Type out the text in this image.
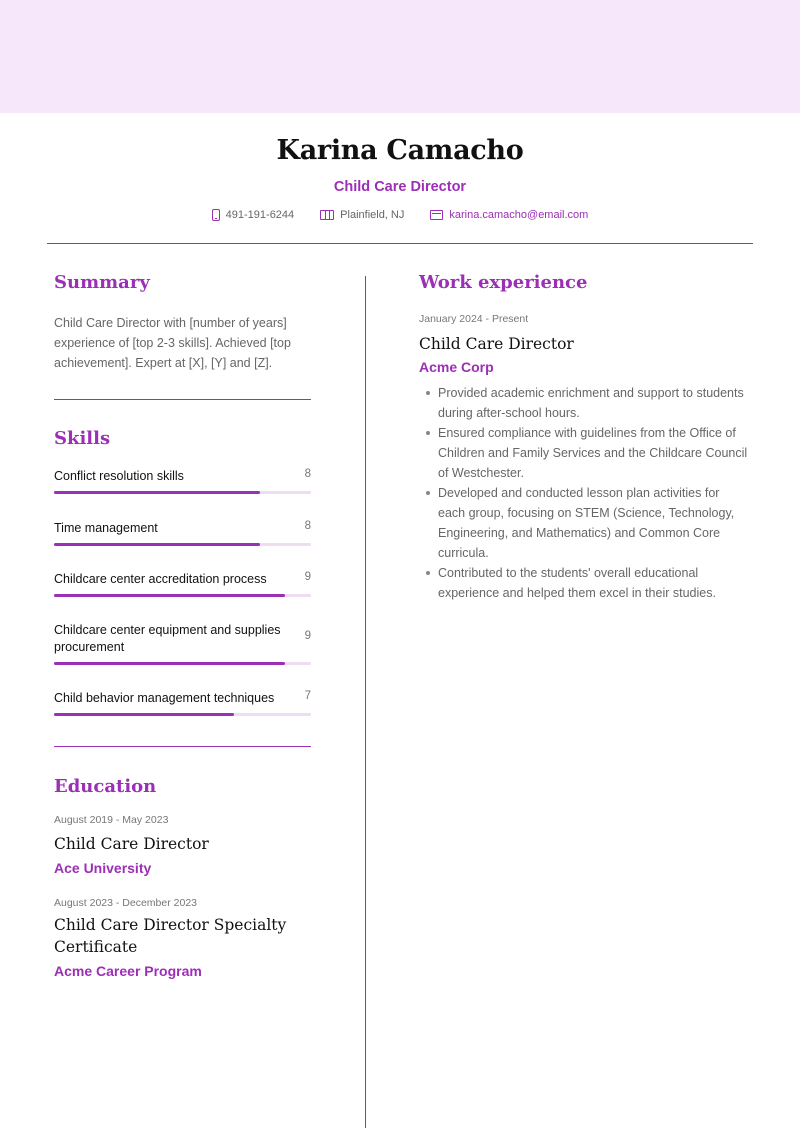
Karina Camacho
Child Care Director
491-191-6244	Plainfield, NJ	karina.camacho@email.com
Summary
Child Care Director with [number of years] experience of [top 2-3 skills]. Achieved [top achievement]. Expert at [X], [Y] and [Z].
Skills
8
Conflict resolution skills
8
Time management
9
Childcare center accreditation process
9
Childcare center equipment and supplies procurement
7
Child behavior management techniques
Education
August 2019 - May 2023
Child Care Director
Ace University
August 2023 - December 2023
Child Care Director Specialty Certificate
Acme Career Program
Work experience
January 2024 - Present
Child Care Director
Acme Corp
Provided academic enrichment and support to students during after-school hours.
Ensured compliance with guidelines from the Office of Children and Family Services and the Childcare Council of Westchester.
Developed and conducted lesson plan activities for each group, focusing on STEM (Science, Technology, Engineering, and Mathematics) and Common Core curricula.
Contributed to the students' overall educational experience and helped them excel in their studies.
